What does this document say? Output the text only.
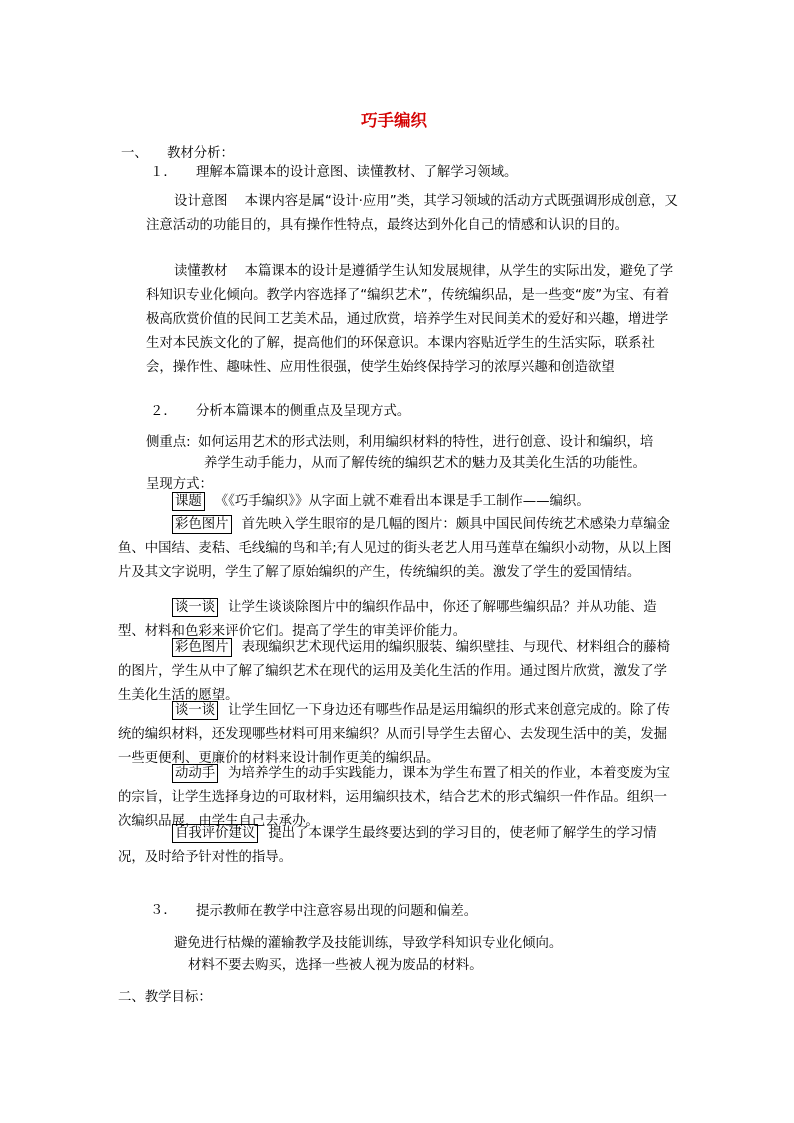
巧手编织
一、 教材分析：
１． 理解本篇课本的设计意图、读懂教材、了解学习领域。
设计意图 本课内容是属“设计·应用”类，其学习领域的活动方式既强调形成创意，又注意活动的功能目的，具有操作性特点，最终达到外化自己的情感和认识的目的。
读懂教材 本篇课本的设计是遵循学生认知发展规律，从学生的实际出发，避免了学科知识专业化倾向。教学内容选择了“编织艺术”，传统编织品，是一些变“废”为宝、有着极高欣赏价值的民间工艺美术品，通过欣赏，培养学生对民间美术的爱好和兴趣，增进学生对本民族文化的了解，提高他们的环保意识。本课内容贴近学生的生活实际，联系社会，操作性、趣味性、应用性很强，使学生始终保持学习的浓厚兴趣和创造欲望
２． 分析本篇课本的侧重点及呈现方式。
侧重点: 如何运用艺术的形式法则，利用编织材料的特性，进行创意、设计和编织，培
养学生动手能力，从而了解传统的编织艺术的魅力及其美化生活的功能性。
呈现方式：
课题 《《巧手编织》》从字面上就不难看出本课是手工制作——编织。
彩色图片 首先映入学生眼帘的是几幅的图片：颇具中国民间传统艺术感染力草编金鱼、中国结、麦秸、毛线编的鸟和羊;有人见过的街头老艺人用马莲草在编织小动物，从以上图片及其文字说明，学生了解了原始编织的产生，传统编织的美。激发了学生的爱国情结。
谈一谈 让学生谈谈除图片中的编织作品中，你还了解哪些编织品？并从功能、造型、材料和色彩来评价它们。提高了学生的审美评价能力。
彩色图片 表现编织艺术现代运用的编织服装、编织壁挂、与现代、材料组合的藤椅的图片，学生从中了解了编织艺术在现代的运用及美化生活的作用。通过图片欣赏，激发了学生美化生活的愿望。
谈一谈 让学生回忆一下身边还有哪些作品是运用编织的形式来创意完成的。除了传统的编织材料，还发现哪些材料可用来编织？从而引导学生去留心、去发现生活中的美，发掘一些更便利、更廉价的材料来设计制作更美的编织品。
动动手 为培养学生的动手实践能力，课本为学生布置了相关的作业，本着变废为宝的宗旨，让学生选择身边的可取材料，运用编织技术，结合艺术的形式编织一件作品。组织一次编织品展，由学生自己去承办。
自我评价建议 提出了本课学生最终要达到的学习目的，使老师了解学生的学习情况，及时给予针对性的指导。
３． 提示教师在教学中注意容易出现的问题和偏差。
避免进行枯燥的灌输教学及技能训练，导致学科知识专业化倾向。
材料不要去购买，选择一些被人视为废品的材料。
二、教学目标：
